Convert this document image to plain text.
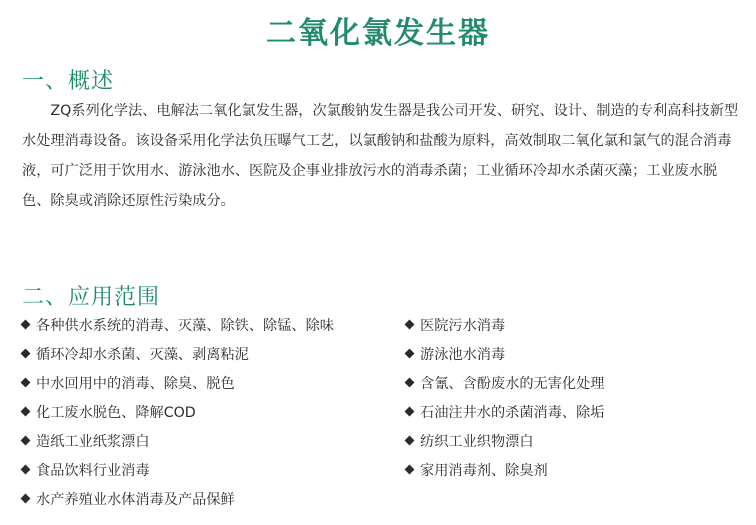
二氧化氯发生器
一、概述

ZQ系列化学法、电解法二氧化氯发生器，次氯酸钠发生器是我公司开发、研究、设计、制造的专利高科技新型水处理消毒设备。该设备采用化学法负压曝气工艺，以氯酸钠和盐酸为原料，高效制取二氧化氯和氯气的混合消毒液，可广泛用于饮用水、游泳池水、医院及企事业排放污水的消毒杀菌；工业循环冷却水杀菌灭藻；工业废水脱色、除臭或消除还原性污染成分。

二、应用范围
各种供水系统的消毒、灭藻、除铁、除锰、除味	医院污水消毒
循环冷却水杀菌、灭藻、剥离粘泥	游泳池水消毒
中水回用中的消毒、除臭、脱色	含氰、含酚废水的无害化处理
化工废水脱色、降解COD	石油注井水的杀菌消毒、除垢
造纸工业纸浆漂白	纺织工业织物漂白
食品饮料行业消毒	家用消毒剂、除臭剂
水产养殖业水体消毒及产品保鲜
